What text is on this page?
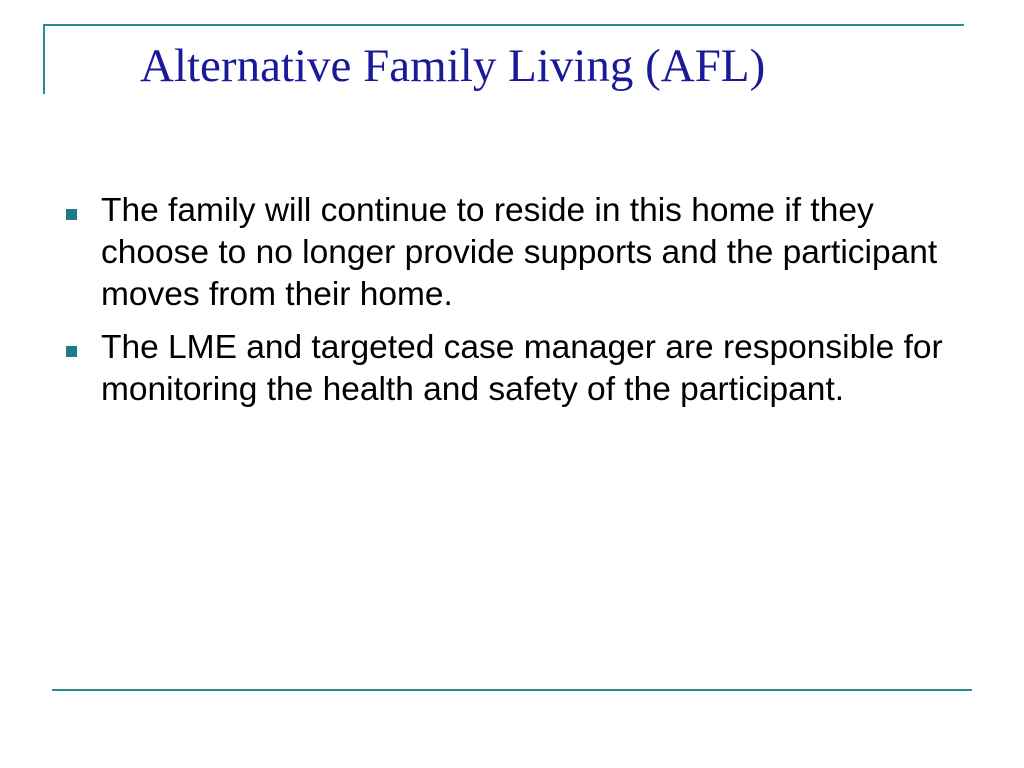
Alternative Family Living (AFL)
The family will continue to reside in this home if they choose to no longer provide supports and the participant moves from their home.
The LME and targeted case manager are responsible for monitoring the health and safety of the participant.
